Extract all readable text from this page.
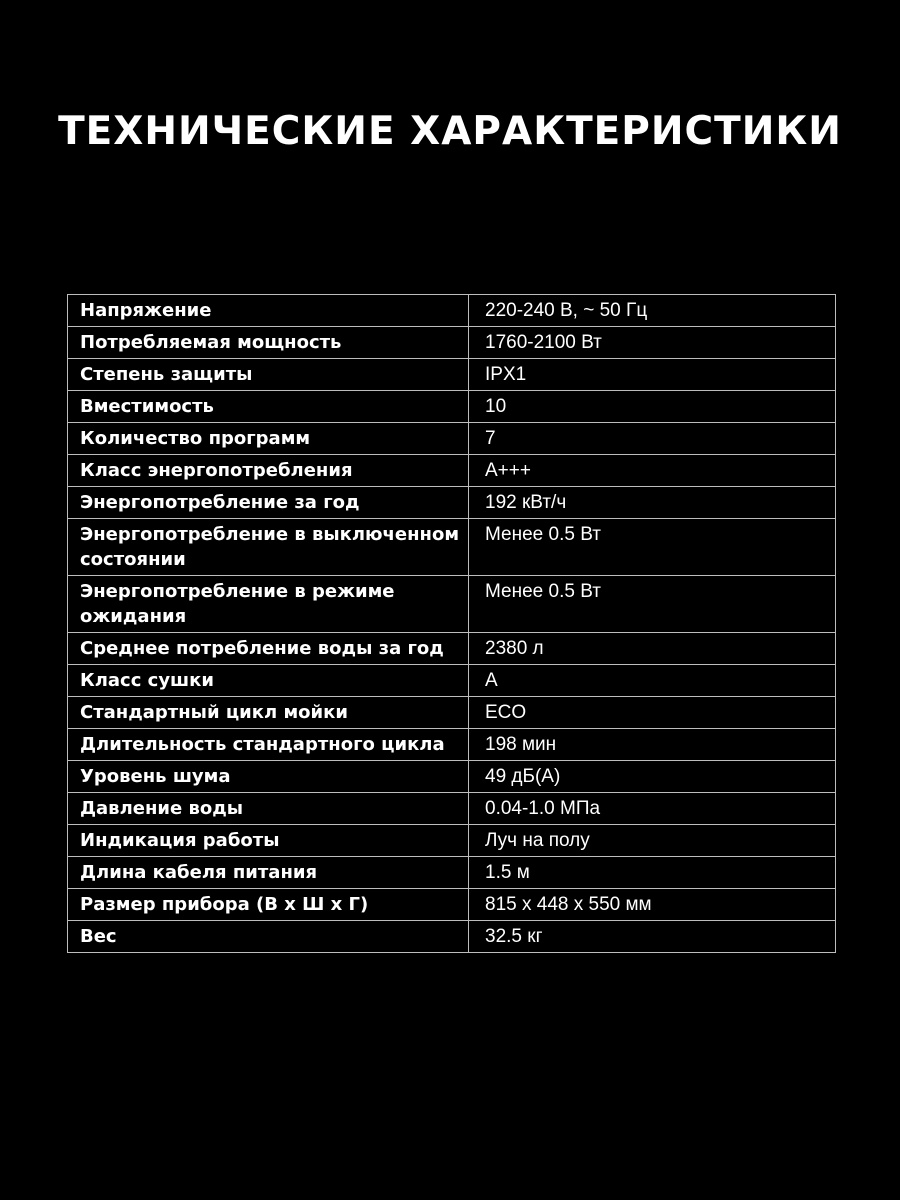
ТЕХНИЧЕСКИЕ ХАРАКТЕРИСТИКИ
Напряжение	220-240 В, ~ 50 Гц
Потребляемая мощность	1760-2100 Вт
Степень защиты	IPX1
Вместимость	10
Количество программ	7
Класс энергопотребления	A+++
Энергопотребление за год	192 кВт/ч
Энергопотребление в выключенном состоянии	Менее 0.5 Вт
Энергопотребление в режиме ожидания	Менее 0.5 Вт
Среднее потребление воды за год	2380 л
Класс сушки	A
Стандартный цикл мойки	ECO
Длительность стандартного цикла	198 мин
Уровень шума	49 дБ(А)
Давление воды	0.04-1.0 МПа
Индикация работы	Луч на полу
Длина кабеля питания	1.5 м
Размер прибора (В х Ш х Г)	815 х 448 х 550 мм
Вес	32.5 кг
